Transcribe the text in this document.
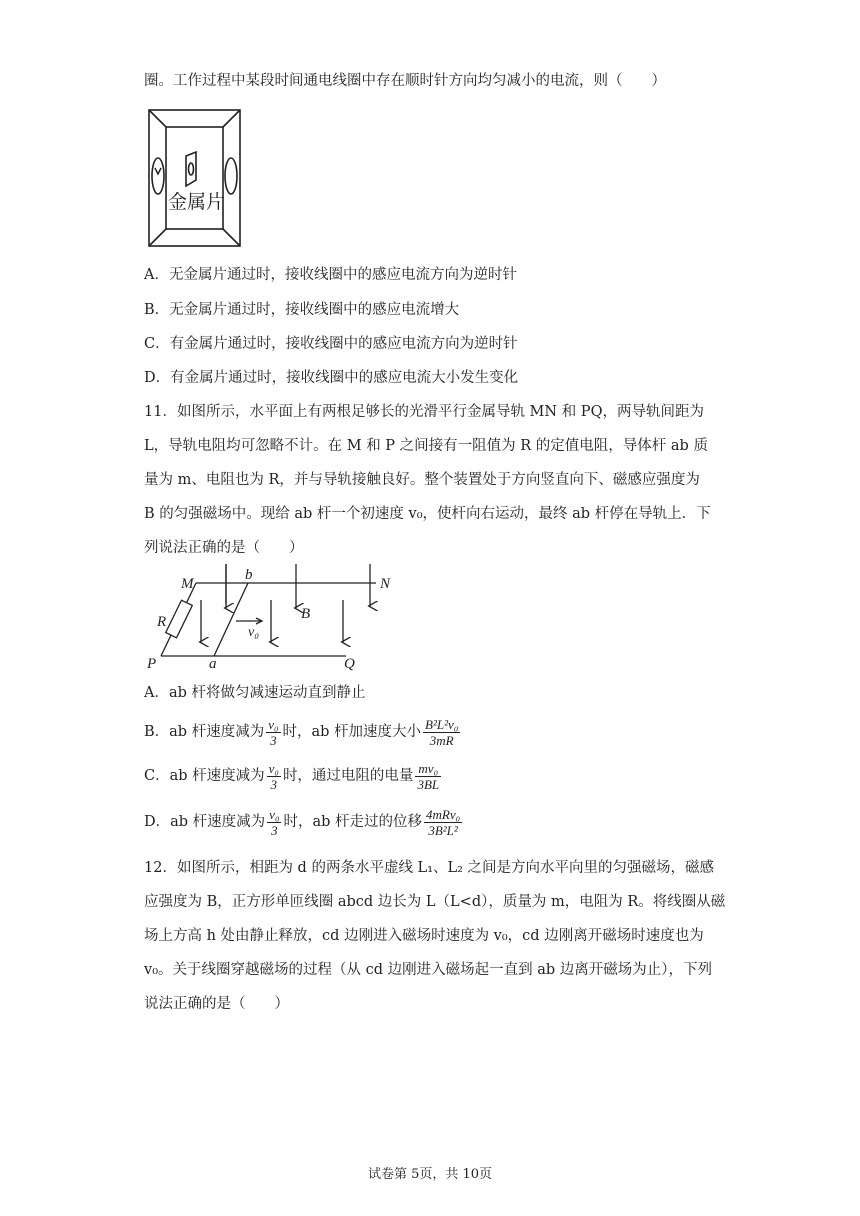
圈。工作过程中某段时间通电线圈中存在顺时针方向均匀减小的电流，则（　　）
金属片
A．无金属片通过时，接收线圈中的感应电流方向为逆时针
B．无金属片通过时，接收线圈中的感应电流增大
C．有金属片通过时，接收线圈中的感应电流方向为逆时针
D．有金属片通过时，接收线圈中的感应电流大小发生变化
11．如图所示，水平面上有两根足够长的光滑平行金属导轨 MN 和 PQ，两导轨间距为
L，导轨电阻均可忽略不计。在 M 和 P 之间接有一阻值为 R 的定值电阻，导体杆 ab 质
量为 m、电阻也为 R，并与导轨接触良好。整个装置处于方向竖直向下、磁感应强度为
B 的匀强磁场中。现给 ab 杆一个初速度 v₀，使杆向右运动，最终 ab 杆停在导轨上．下
列说法正确的是（　　）
M	N
P	Q
a
b
R	B
v₀
A．ab 杆将做匀减速运动直到静止
B．ab 杆速度减为 $\frac{\text{v₀}}{3}$ 时，ab 杆加速度大小 $\frac{\text{B²L²v₀}}{3mR}$
C．ab 杆速度减为 $\frac{\text{v₀}}{3}$ 时，通过电阻的电量 $\frac{\text{mv₀}}{3BL}$
D．ab 杆速度减为 $\frac{\text{v₀}}{3}$ 时，ab 杆走过的位移 $\frac{\text{4mRv₀}}{\text{3B²L²}}$
12．如图所示，相距为 d 的两条水平虚线 L₁、L₂ 之间是方向水平向里的匀强磁场，磁感
应强度为 B，正方形单匝线圈 abcd 边长为 L（L<d），质量为 m，电阻为 R。将线圈从磁
场上方高 h 处由静止释放，cd 边刚进入磁场时速度为 v₀，cd 边刚离开磁场时速度也为
v₀。关于线圈穿越磁场的过程（从 cd 边刚进入磁场起一直到 ab 边离开磁场为止），下列
说法正确的是（　　）
试卷第 5页，共 10页
